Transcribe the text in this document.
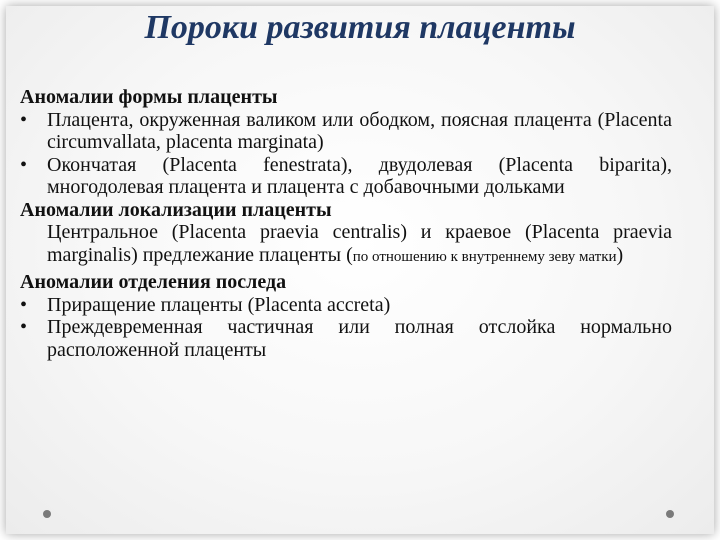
Пороки развития плаценты
Аномалии формы плаценты
• Плацента, окруженная валиком или ободком, поясная плацента (Placenta circumvallata, placenta marginata)
• Окончатая (Placenta fenestrata), двудолевая (Placenta biparita), многодолевая плацента и плацента с добавочными дольками
Аномалии локализации плаценты
Центральное (Placenta praevia centralis) и краевое (Placenta praevia marginalis) предлежание плаценты (по отношению к внутреннему зеву матки)
Аномалии отделения последа
• Приращение плаценты (Placenta accreta)
• Преждевременная частичная или полная отслойка нормально расположенной плаценты
